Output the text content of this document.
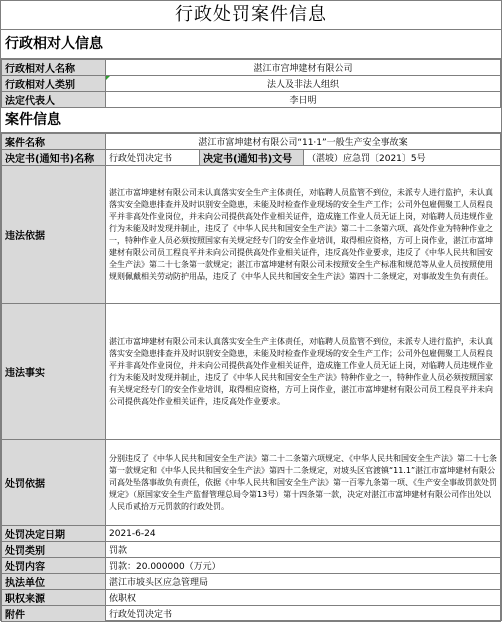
行政处罚案件信息
行政相对人信息
行政相对人名称	湛江市宫坤建材有限公司
行政相对人类别	法人及非法人组织
法定代表人	李日明
案件信息
案件名称	湛江市富坤建材有限公司“11·1”一般生产安全事故案		
决定书(通知书)名称	行政处罚决定书	决定书(通知书)文号	（湛坡）应急罚〔2021〕5号
违法依据	湛江市富坤建材有限公司未认真落实安全生产主体责任，对临聘人员监管不到位，未派专人进行监护，未认真落实安全隐患排查并及时识别安全隐患，未能及时检查作业现场的安全生产工作；公司外包雇佣聚工人员程良平并非高处作业岗位，并未向公司提供高处作业相关证件，造成施工作业人员无证上岗，对临聘人员违规作业行为未能及时发现并制止，违反了《中华人民共和国安全生产法》第二十二条第六项、高处作业为特种作业之一，特种作业人员必须按照国家有关规定经专门的安全作业培训，取得相应资格，方可上岗作业，湛江市富坤建材有限公司员工程良平并未向公司提供高处作业相关证件，违反高处作业要求，违反了《中华人民共和国安全生产法》第二十七条第一款规定；湛江市富坤建材有限公司未按照安全生产标准和规范等从业人员按照使用规则佩戴相关劳动防护用品，违反了《中华人民共和国安全生产法》第四十二条规定，对事故发生负有责任。		
违法事实	湛江市富坤建材有限公司未认真落实安全生产主体责任，对临聘人员监管不到位，未派专人进行监护，未认真落实安全隐患排查并及时识别安全隐患，未能及时检查作业现场的安全生产工作；公司外包雇佣聚工人员程良平并非高处作业岗位，并未向公司提供高处作业相关证件，造成施工作业人员无证上岗，对临聘人员违规作业行为未能及时发现并制止，违反了《中华人民共和国安全生产法》特种作业之一，特种作业人员必须按照国家有关规定经专门的安全作业培训，取得相应资格，方可上岗作业，湛江市富坤建材有限公司员工程良平并未向公司提供高处作业相关证件，违反高处作业要求。		
处罚依据	分别违反了《中华人民共和国安全生产法》第二十二条第六项规定、《中华人民共和国安全生产法》第二十七条第一款规定和《中华人民共和国安全生产法》第四十二条规定，对坡头区官渡镇“11.1”湛江市富坤建材有限公司高处坠落事故负有责任，依据《中华人民共和国安全生产法》第一百零九条第一项、《生产安全事故罚款处罚规定》（原国家安全生产监督管理总局令第13号）第十四条第一款，决定对湛江市富坤建材有限公司作出处以人民币贰拾万元罚款的行政处罚。		
处罚决定日期	2021-6-24		
处罚类别	罚款		
处罚内容	罚款：20.000000（万元）		
执法单位	湛江市坡头区应急管理局		
职权来源	依职权		
附件	行政处罚决定书		
